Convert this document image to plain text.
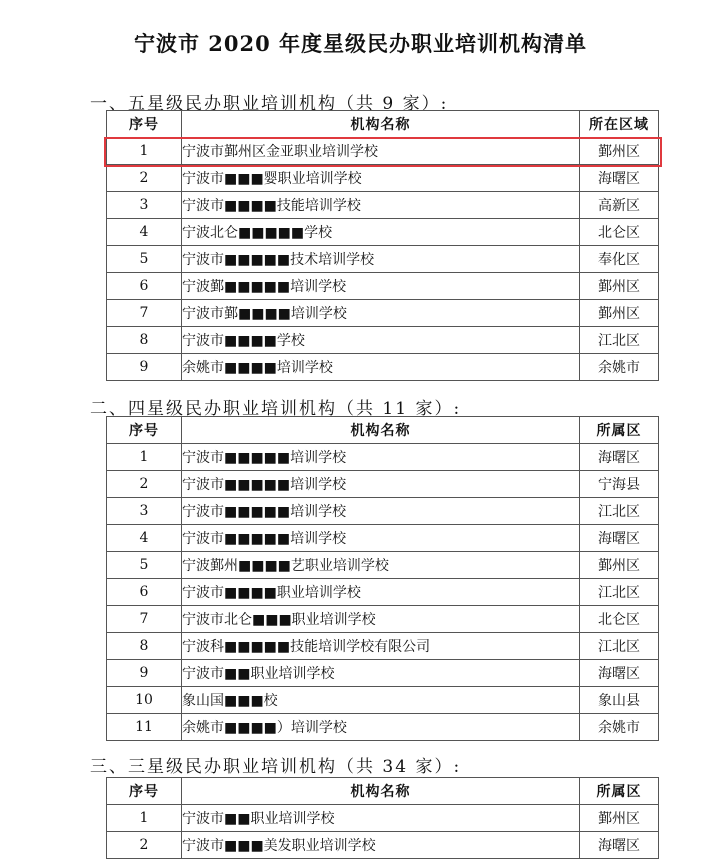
宁波市 2020 年度星级民办职业培训机构清单
一、五星级民办职业培训机构（共 9 家）:
序号	机构名称	所在区域
1	宁波市鄞州区金亚职业培训学校	鄞州区
2	宁波市■■■婴职业培训学校	海曙区
3	宁波市■■■■技能培训学校	高新区
4	宁波北仑■■■■■学校	北仑区
5	宁波市■■■■■技术培训学校	奉化区
6	宁波鄞■■■■■培训学校	鄞州区
7	宁波市鄞■■■■培训学校	鄞州区
8	宁波市■■■■学校	江北区
9	余姚市■■■■培训学校	余姚市
二、四星级民办职业培训机构（共 11 家）:
序号	机构名称	所属区
1	宁波市■■■■■培训学校	海曙区
2	宁波市■■■■■培训学校	宁海县
3	宁波市■■■■■培训学校	江北区
4	宁波市■■■■■培训学校	海曙区
5	宁波鄞州■■■■艺职业培训学校	鄞州区
6	宁波市■■■■职业培训学校	江北区
7	宁波市北仑■■■职业培训学校	北仑区
8	宁波科■■■■■技能培训学校有限公司	江北区
9	宁波市■■职业培训学校	海曙区
10	象山国■■■校	象山县
11	余姚市■■■■）培训学校	余姚市
三、三星级民办职业培训机构（共 34 家）:
序号	机构名称	所属区
1	宁波市■■职业培训学校	鄞州区
2	宁波市■■■美发职业培训学校	海曙区
